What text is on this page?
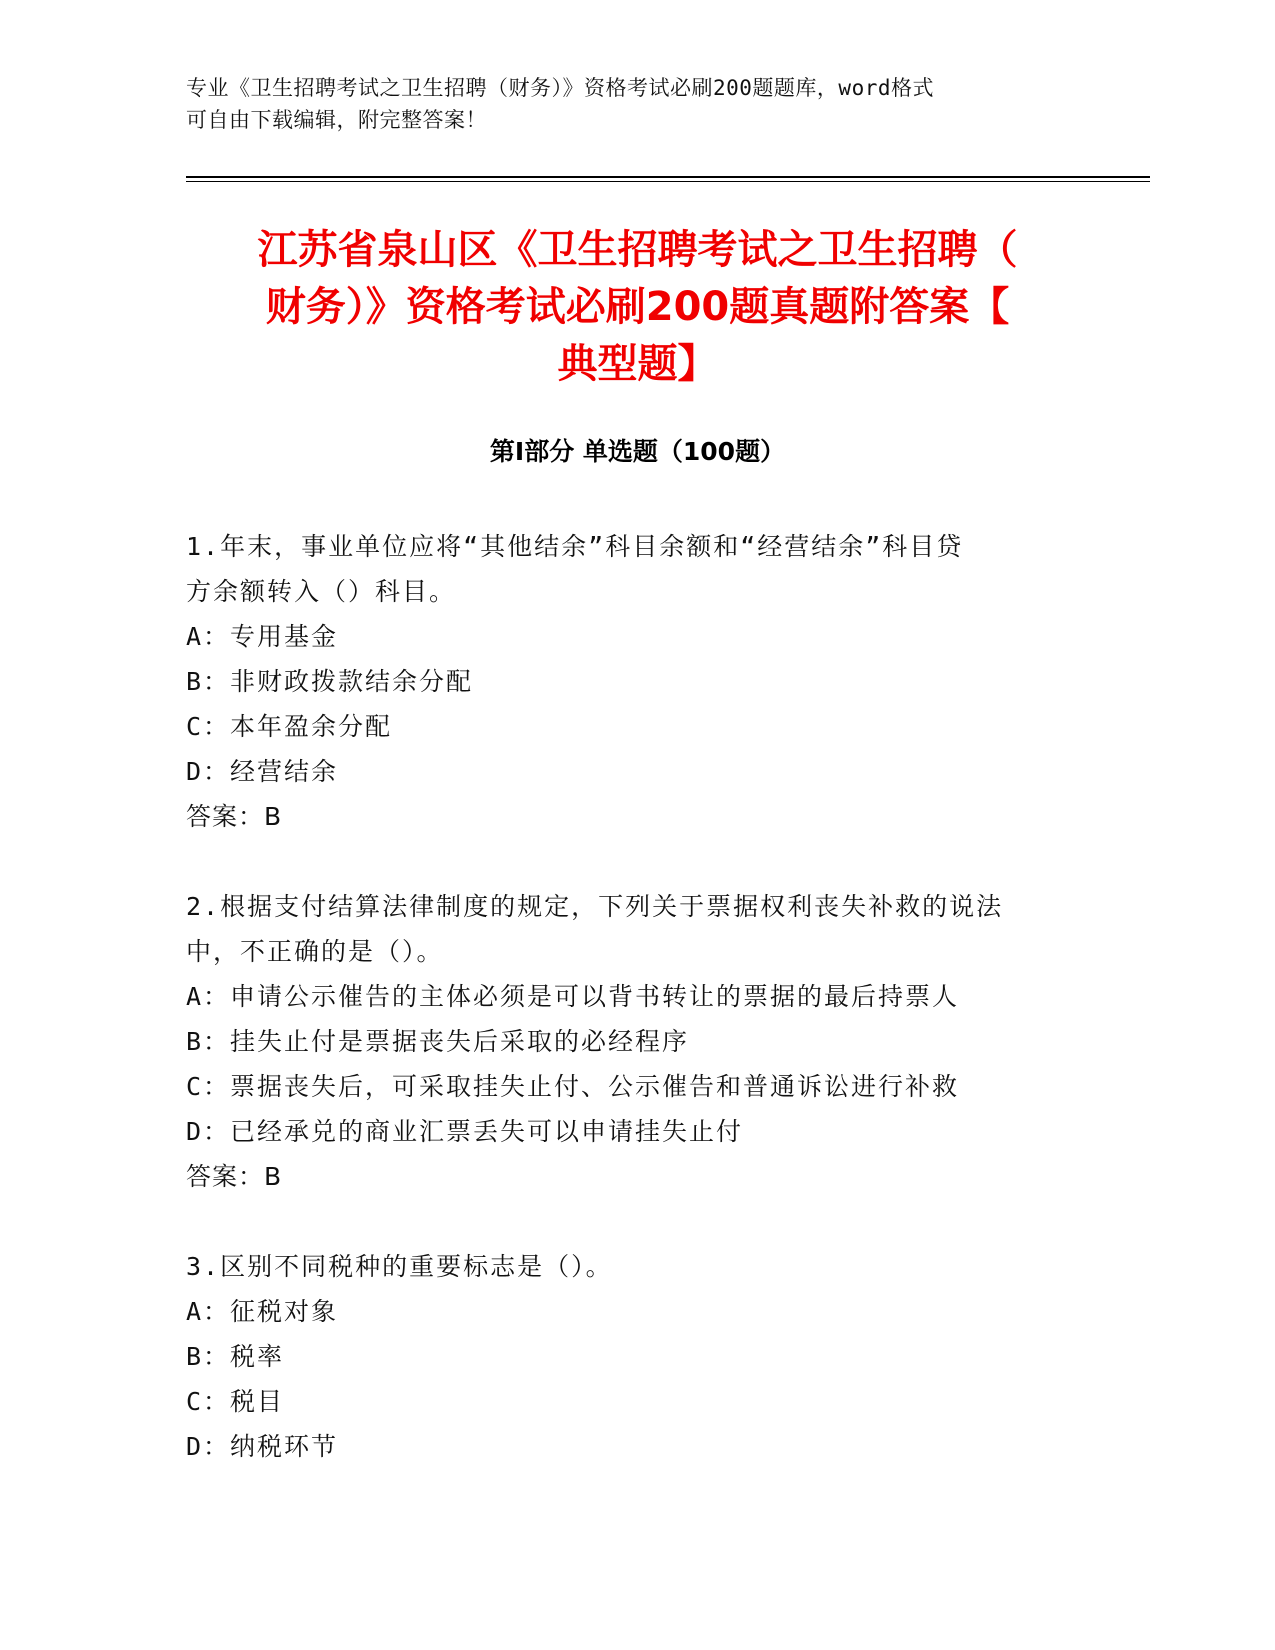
专业《卫生招聘考试之卫生招聘（财务）》资格考试必刷200题题库，word格式
可自由下载编辑，附完整答案！
江苏省泉山区《卫生招聘考试之卫生招聘（
财务）》资格考试必刷200题真题附答案【
典型题】
第Ⅰ部分 单选题（100题）
1.年末，事业单位应将“其他结余”科目余额和“经营结余”科目贷
方余额转入（）科目。
A：专用基金
B：非财政拨款结余分配
C：本年盈余分配
D：经营结余
答案：B
2.根据支付结算法律制度的规定，下列关于票据权利丧失补救的说法
中，不正确的是（）。
A：申请公示催告的主体必须是可以背书转让的票据的最后持票人
B：挂失止付是票据丧失后采取的必经程序
C：票据丧失后，可采取挂失止付、公示催告和普通诉讼进行补救
D：已经承兑的商业汇票丢失可以申请挂失止付
答案：B
3.区别不同税种的重要标志是（）。
A：征税对象
B：税率
C：税目
D：纳税环节
